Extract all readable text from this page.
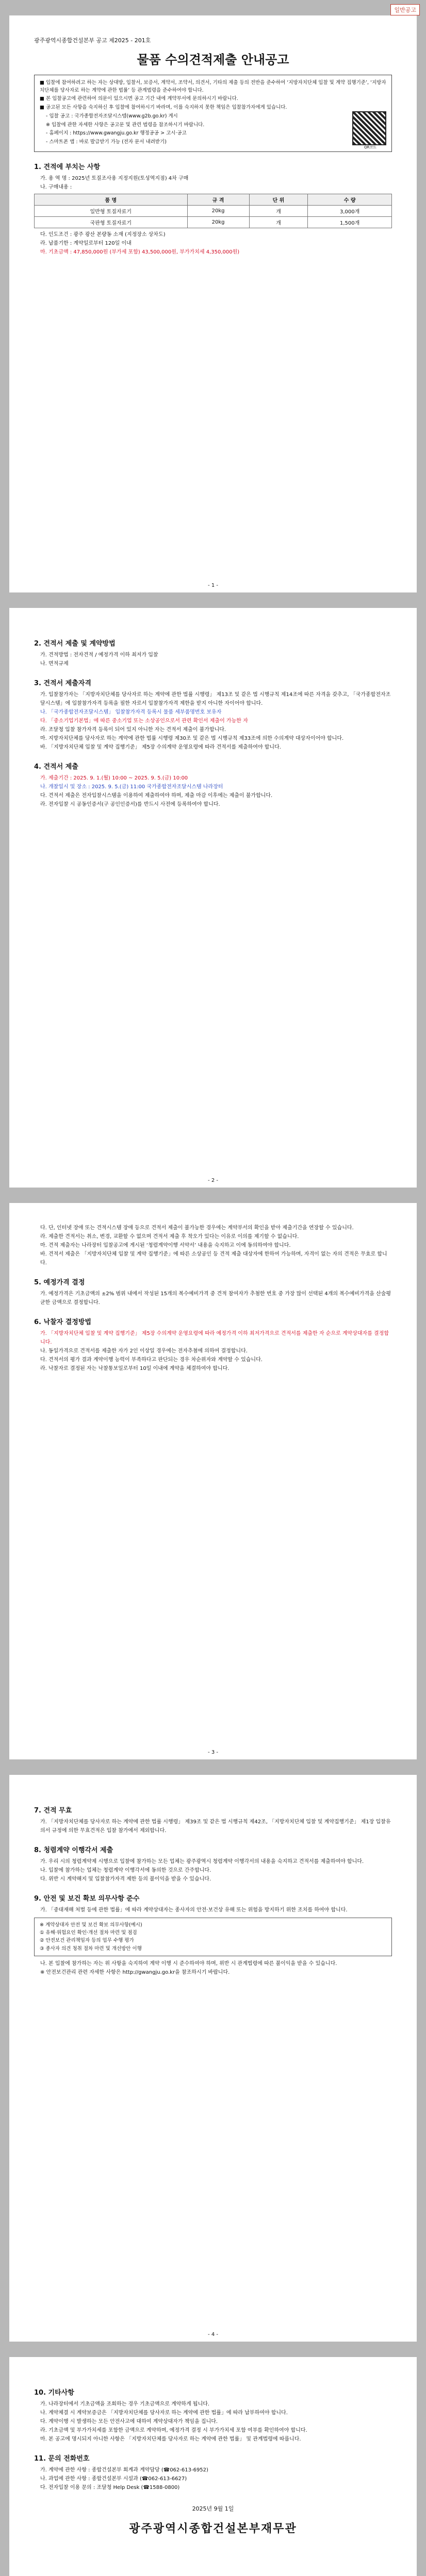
일반공고
광주광역시종합건설본부 공고 제2025 - 201호
물품 수의견적제출 안내공고

■ 입찰에 참여하려고 하는 자는 상대방, 입찰서, 보증서, 계약서, 조약서, 의견서, 기타의 제출 등의 전반을 준수하여 ‘지방자치단체 입찰 및 계약 집행기준’, ‘지방자치단체를 당사자로 하는 계약에 관한 법률’ 등 관계법령을 준수하여야 합니다.

■ 본 입찰공고에 관련하여 의문이 있으시면 공고 기간 내에 계약부서에 문의하시기 바랍니다.

■ 공고된 모든 사항을 숙지하신 후 입찰에 참여하시기 바라며, 이를 숙지하지 못한 책임은 입찰참가자에게 있습니다.

- 입찰 공고 : 국가종합전자조달시스템(www.g2b.go.kr) 게시

※ 입찰에 관한 자세한 사항은 공고문 및 관련 법령을 참조하시기 바랍니다.

- 홈페이지 : https://www.gwangju.go.kr 행정공공 > 고시·공고

- 스마트폰 앱 : 바로 발급받기 가능 (전자 문서 내려받기)

QR코드
1. 견적에 부치는 사항

가. 용 역 명 : 2025년 토질조사용 지정지원(토성역지점) 4차 구매

나. 구매내용 :

품 명	규 격	단 위	수 량
일반형 토질자료기	20kg	개	3,000개
국판형 토질자료기	20kg	개	1,500개

다. 인도조건 : 광주 광산 본량동 소재 (지정장소 상차도)

라. 납품기한 : 계약일로부터 120일 이내

마. 기초금액 : 47,850,000원 (부가세 포함) 43,500,000원, 부가가치세 4,350,000원)

- 1 -
2. 견적서 제출 및 계약방법

가. 견적방법 : 전자견적 / 예정가격 이하 최저가 입찰

나. 면적규제

3. 견적서 제출자격

가. 입찰참가자는 「지방자치단체를 당사자로 하는 계약에 관한 법률 시행령」 제13조 및 같은 법 시행규칙 제14조에 따른 자격을 갖추고, 「국가종합전자조달시스템」에 입찰참가자격 등록을 필한 자로서 입찰참가자격 제한을 받지 아니한 자이어야 합니다.

나. 「국가종합전자조달시스템」 입찰참가자격 등록시 물품 세부품명번호 보유자

다. 「중소기업기본법」에 따른 중소기업 또는 소상공인으로서 관련 확인서 제출이 가능한 자

라. 조달청 입찰 참가자격 등록이 되어 있지 아니한 자는 견적서 제출이 불가합니다.

마. 지방자치단체를 당사자로 하는 계약에 관한 법률 시행령 제30조 및 같은 법 시행규칙 제33조에 의한 수의계약 대상자이어야 합니다.

바. 「지방자치단체 입찰 및 계약 집행기준」 제5장 수의계약 운영요령에 따라 견적서를 제출하여야 합니다.

4. 견적서 제출

가. 제출기간 : 2025. 9. 1.(월) 10:00 ~ 2025. 9. 5.(금) 10:00

나. 개찰일시 및 장소 : 2025. 9. 5.(금) 11:00 국가종합전자조달시스템 나라장터

다. 견적서 제출은 전자입찰시스템을 이용하여 제출하여야 하며, 제출 마감 이후에는 제출이 불가합니다.

라. 전자입찰 시 공동인증서(구 공인인증서)를 반드시 사전에 등록하여야 합니다.

- 2 -

다. 단, 인터넷 장애 또는 견적시스템 장애 등으로 견적서 제출이 불가능한 경우에는 계약부서의 확인을 받아 제출기간을 연장할 수 있습니다.

라. 제출한 견적서는 취소, 변경, 교환할 수 없으며 견적서 제출 후 착오가 있다는 이유로 이의를 제기할 수 없습니다.

마. 견적 제출자는 나라장터 입찰공고에 게시된 ‘청렴계약이행 서약서’ 내용을 숙지하고 이에 동의하여야 합니다.

바. 견적서 제출은 「지방자치단체 입찰 및 계약 집행기준」에 따른 소상공인 등 견적 제출 대상자에 한하여 가능하며, 자격이 없는 자의 견적은 무효로 합니다.

5. 예정가격 결정

가. 예정가격은 기초금액의 ±2% 범위 내에서 작성된 15개의 복수예비가격 중 견적 참여자가 추첨한 번호 중 가장 많이 선택된 4개의 복수예비가격을 산술평균한 금액으로 결정합니다.

6. 낙찰자 결정방법

가. 「지방자치단체 입찰 및 계약 집행기준」 제5장 수의계약 운영요령에 따라 예정가격 이하 최저가격으로 견적서를 제출한 자 순으로 계약상대자를 결정합니다.

나. 동일가격으로 견적서를 제출한 자가 2인 이상일 경우에는 전자추첨에 의하여 결정합니다.

다. 견적서의 평가 결과 계약이행 능력이 부족하다고 판단되는 경우 차순위자와 계약할 수 있습니다.

라. 낙찰자로 결정된 자는 낙찰통보일로부터 10일 이내에 계약을 체결하여야 합니다.

- 3 -
7. 견적 무효

가. 「지방자치단체를 당사자로 하는 계약에 관한 법률 시행령」 제39조 및 같은 법 시행규칙 제42조, 「지방자치단체 입찰 및 계약집행기준」 제1장 입찰유의서 규정에 의한 무효견적은 입찰 참가에서 제외합니다.

8. 청렴계약 이행각서 제출

가. 우리 시의 청렴계약제 시행으로 입찰에 참가하는 모든 업체는 광주광역시 청렴계약 이행각서의 내용을 숙지하고 견적서를 제출하여야 합니다.

나. 입찰에 참가하는 업체는 청렴계약 이행각서에 동의한 것으로 간주합니다.

다. 위반 시 계약해지 및 입찰참가자격 제한 등의 불이익을 받을 수 있습니다.

9. 안전 및 보건 확보 의무사항 준수

가. 「중대재해 처벌 등에 관한 법률」에 따라 계약상대자는 종사자의 안전·보건상 유해 또는 위험을 방지하기 위한 조치를 하여야 합니다.

※ 계약상대자 안전 및 보건 확보 의무사항(예시)

① 유해·위험요인 확인·개선 절차 마련 및 점검

② 안전보건 관리책임자 등의 업무 수행 평가

③ 종사자 의견 청취 절차 마련 및 개선방안 이행

나. 본 입찰에 참가하는 자는 위 사항을 숙지하여 계약 이행 시 준수하여야 하며, 위반 시 관계법령에 따른 불이익을 받을 수 있습니다.

※ 안전보건관리 관련 자세한 사항은 http://gwangju.go.kr을 참조하시기 바랍니다.

- 4 -
10. 기타사항

가. 나라장터에서 기초금액을 조회하는 경우 기초금액으로 계약하게 됩니다.

나. 계약체결 시 계약보증금은 「지방자치단체를 당사자로 하는 계약에 관한 법률」에 따라 납부하여야 합니다.

다. 계약이행 시 발생하는 모든 안전사고에 대하여 계약상대자가 책임을 집니다.

라. 기초금액 및 부가가치세를 포함한 금액으로 계약하며, 예정가격 결정 시 부가가치세 포함 여부를 확인하여야 합니다.

마. 본 공고에 명시되지 아니한 사항은 「지방자치단체를 당사자로 하는 계약에 관한 법률」 및 관계법령에 따릅니다.

11. 문의 전화번호

가. 계약에 관한 사항 : 종합건설본부 회계과 계약담당 (☎062-613-6952)

나. 과업에 관한 사항 : 종합건설본부 시설과 (☎062-613-6627)

다. 전자입찰 이용 문의 : 조달청 Help Desk (☎1588-0800)

2025년 9월 1일
광주광역시종합건설본부재무관
